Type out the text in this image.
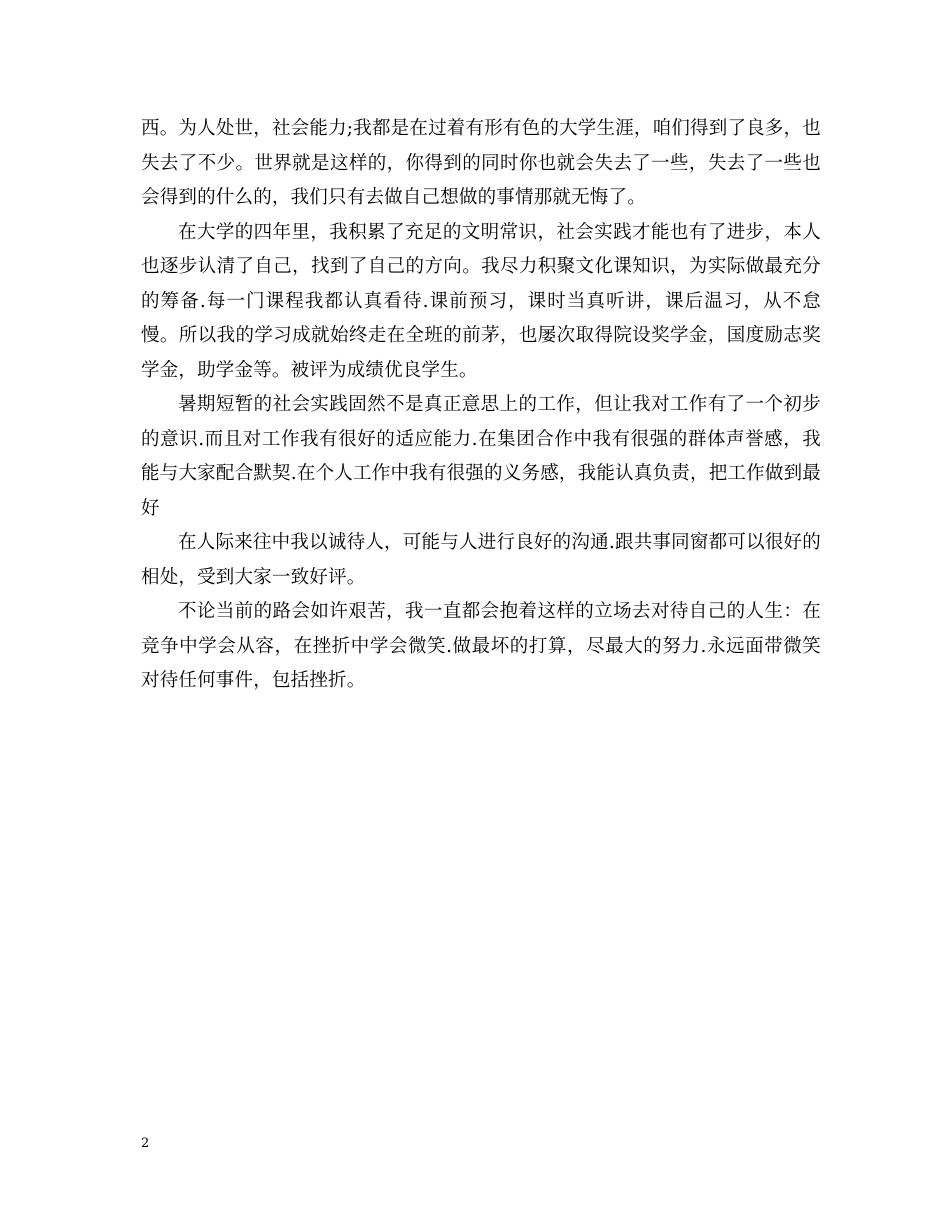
西。为人处世，社会能力;我都是在过着有形有色的大学生涯，咱们得到了良多，也失去了不少。世界就是这样的，你得到的同时你也就会失去了一些，失去了一些也会得到的什么的，我们只有去做自己想做的事情那就无悔了。

在大学的四年里，我积累了充足的文明常识，社会实践才能也有了进步，本人也逐步认清了自己，找到了自己的方向。我尽力积聚文化课知识，为实际做最充分的筹备.每一门课程我都认真看待.课前预习，课时当真听讲，课后温习，从不怠慢。所以我的学习成就始终走在全班的前茅，也屡次取得院设奖学金，国度励志奖学金，助学金等。被评为成绩优良学生。

暑期短暂的社会实践固然不是真正意思上的工作，但让我对工作有了一个初步的意识.而且对工作我有很好的适应能力.在集团合作中我有很强的群体声誉感，我能与大家配合默契.在个人工作中我有很强的义务感，我能认真负责，把工作做到最好

在人际来往中我以诚待人，可能与人进行良好的沟通.跟共事同窗都可以很好的相处，受到大家一致好评。

不论当前的路会如许艰苦，我一直都会抱着这样的立场去对待自己的人生：在竞争中学会从容，在挫折中学会微笑.做最坏的打算，尽最大的努力.永远面带微笑对待任何事件，包括挫折。

2
